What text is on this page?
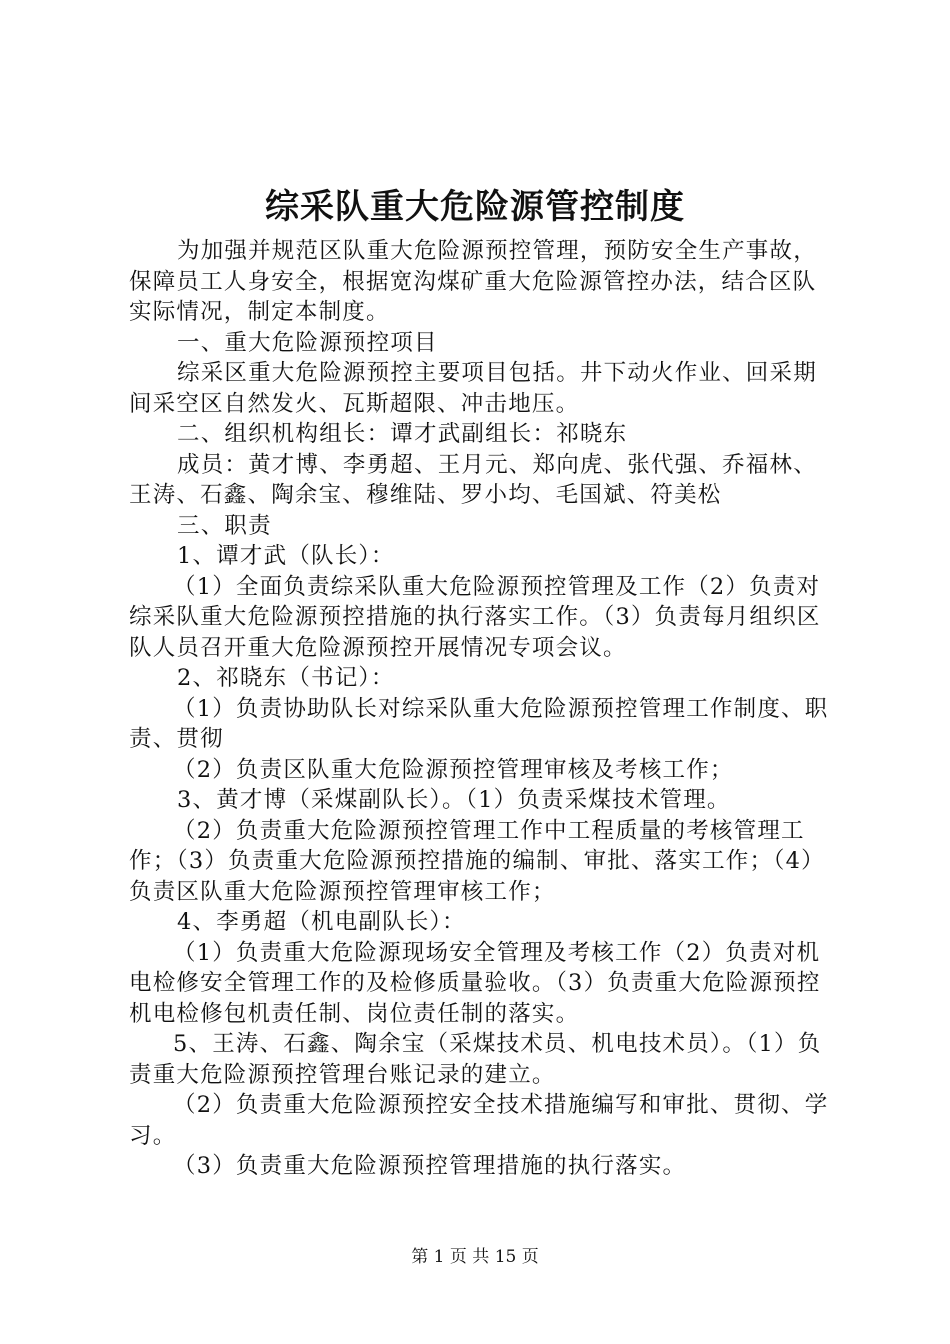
综采队重大危险源管控制度

为加强并规范区队重大危险源预控管理，预防安全生产事故，保障员工人身安全，根据宽沟煤矿重大危险源管控办法，结合区队实际情况，制定本制度。

一、重大危险源预控项目

综采区重大危险源预控主要项目包括。井下动火作业、回采期间采空区自然发火、瓦斯超限、冲击地压。

二、组织机构组长：谭才武副组长：祁晓东

成员：黄才博、李勇超、王月元、郑向虎、张代强、乔福林、王涛、石鑫、陶余宝、穆维陆、罗小均、毛国斌、符美松

三、职责

1、谭才武（队长）：

（1）全面负责综采队重大危险源预控管理及工作（2）负责对综采队重大危险源预控措施的执行落实工作。（3）负责每月组织区队人员召开重大危险源预控开展情况专项会议。

2、祁晓东（书记）：

（1）负责协助队长对综采队重大危险源预控管理工作制度、职责、贯彻

（2）负责区队重大危险源预控管理审核及考核工作；

3、黄才博（采煤副队长）。（1）负责采煤技术管理。

（2）负责重大危险源预控管理工作中工程质量的考核管理工作；（3）负责重大危险源预控措施的编制、审批、落实工作；（4）负责区队重大危险源预控管理审核工作；

4、李勇超（机电副队长）：

（1）负责重大危险源现场安全管理及考核工作（2）负责对机电检修安全管理工作的及检修质量验收。（3）负责重大危险源预控机电检修包机责任制、岗位责任制的落实。

5、王涛、石鑫、陶余宝（采煤技术员、机电技术员）。（1）负责重大危险源预控管理台账记录的建立。

（2）负责重大危险源预控安全技术措施编写和审批、贯彻、学习。

（3）负责重大危险源预控管理措施的执行落实。

第 1 页 共 15 页
